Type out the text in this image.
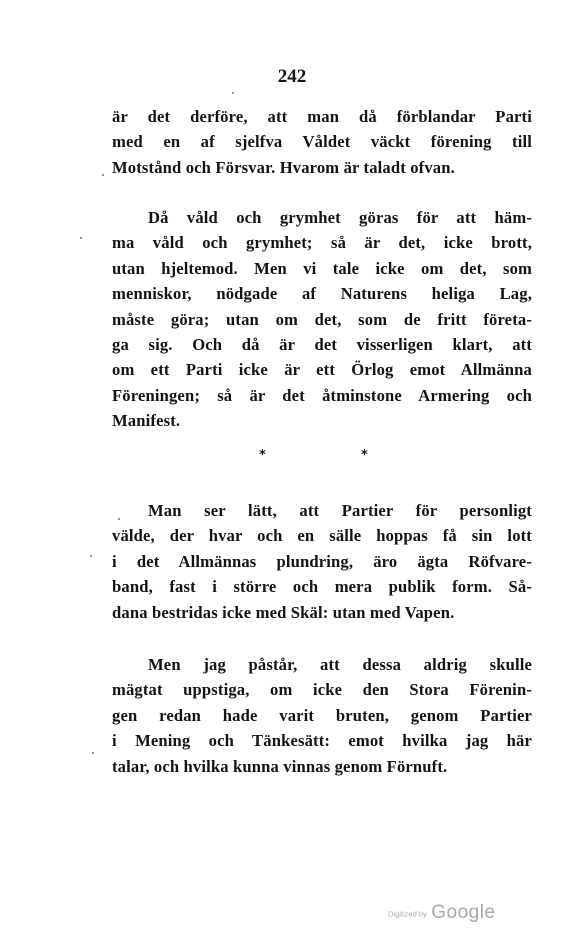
242
är det derföre, att man då förblandar Parti
med en af sjelfva Våldet väckt förening till
Motstånd och Försvar. Hvarom är taladt ofvan.
Då våld och grymhet göras för att häm-
ma våld och grymhet; så är det, icke brott,
utan hjeltemod. Men vi tale icke om det, som
menniskor, nödgade af Naturens heliga Lag,
måste göra; utan om det, som de fritt företa-
ga sig. Och då är det visserligen klart, att
om ett Parti icke är ett Örlog emot Allmänna
Föreningen; så är det åtminstone Armering och
Manifest.
*	*
Man ser lätt, att Partier för personligt
välde, der hvar och en sälle hoppas få sin lott
i det Allmännas plundring, äro ägta Röfvare-
band, fast i större och mera publik form. Så-
dana bestridas icke med Skäl: utan med Vapen.
Men jag påstår, att dessa aldrig skulle
mägtat uppstiga, om icke den Stora Förenin-
gen redan hade varit bruten, genom Partier
i Mening och Tänkesätt: emot hvilka jag här
talar, och hvilka kunna vinnas genom Förnuft.
Digitized by Google
